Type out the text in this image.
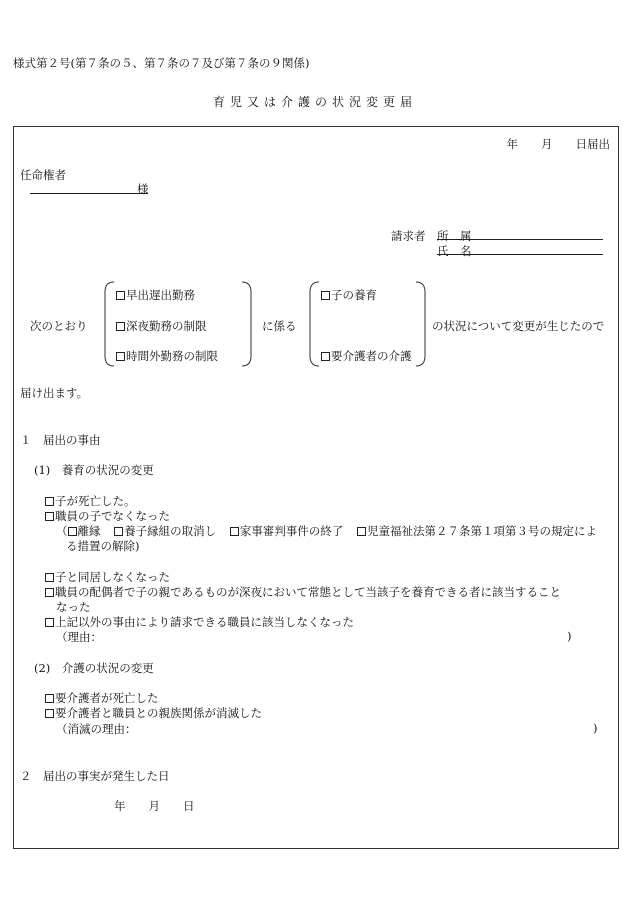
様式第２号(第７条の５、第７条の７及び第７条の９関係)
育児又は介護の状況変更届
年　　月　　日届出
任命権者
様
請求者 所　属
氏　名
次のとおり
早出遅出勤務
深夜勤務の制限
時間外勤務の制限
に係る
子の養育
要介護者の介護
の状況について変更が生じたので
届け出ます。
１　届出の事由
(1)　養育の状況の変更
子が死亡した。
職員の子でなくなった
（ 離縁 養子縁組の取消し 家事審判事件の終了 児童福祉法第２７条第１項第３号の規定によ
る措置の解除)
子と同居しなくなった
職員の配偶者で子の親であるものが深夜において常態として当該子を養育できる者に該当すること
なった
上記以外の事由により請求できる職員に該当しなくなった
（理由：	)
(2)　介護の状況の変更
要介護者が死亡した
要介護者と職員との親族関係が消滅した
（消滅の理由：	)
２　届出の事実が発生した日
年　　月　　日
